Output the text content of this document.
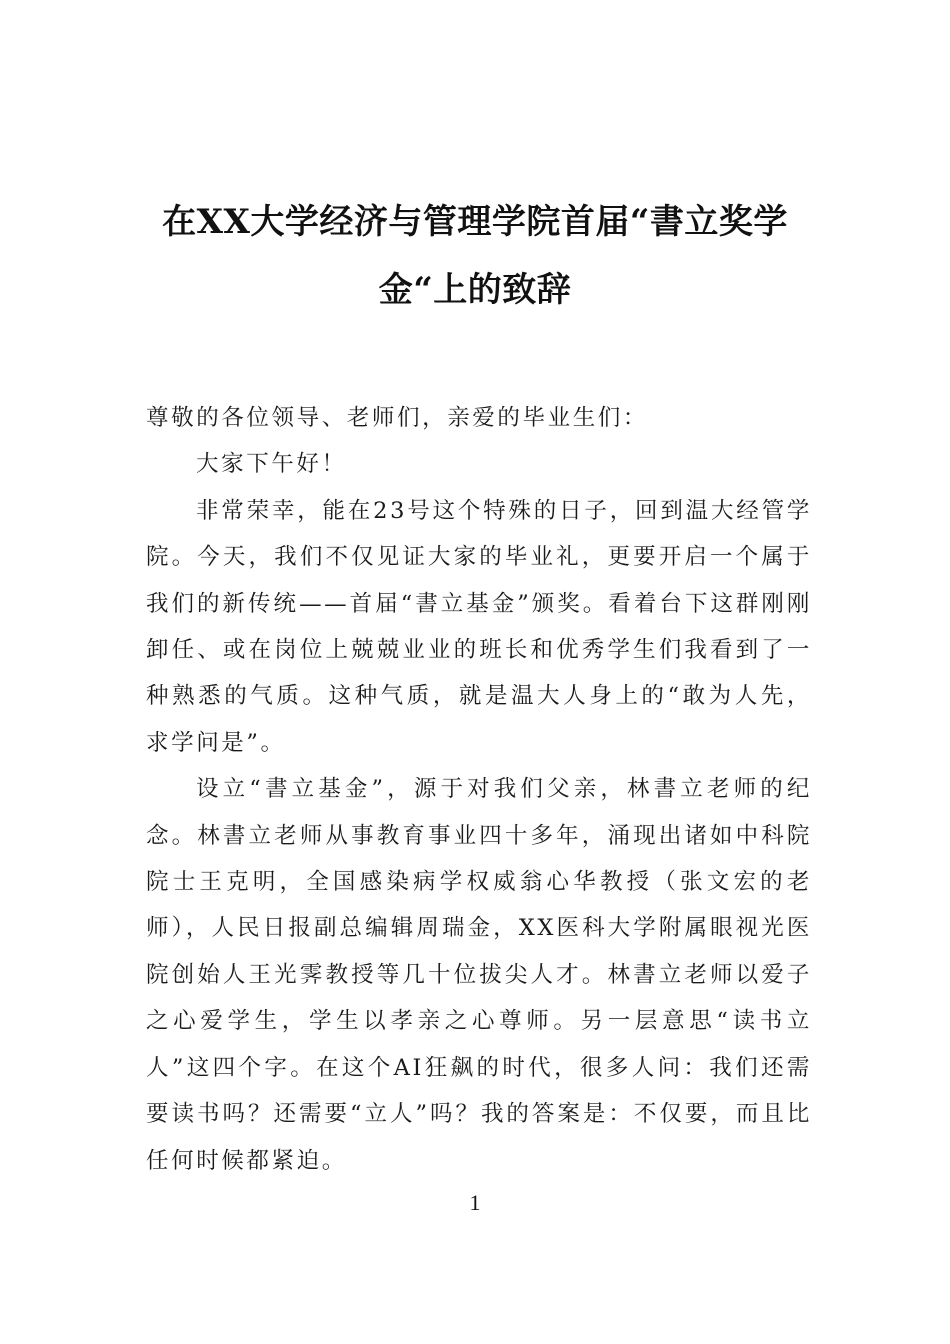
在XX大学经济与管理学院首届“書立奖学
金“上的致辞

尊敬的各位领导、老师们，亲爱的毕业生们：

大家下午好！

非常荣幸，能在23号这个特殊的日子，回到温大经管学院。今天，我们不仅见证大家的毕业礼，更要开启一个属于我们的新传统——首届“書立基金”颁奖。看着台下这群刚刚卸任、或在岗位上兢兢业业的班长和优秀学生们我看到了一种熟悉的气质。这种气质，就是温大人身上的“敢为人先，求学问是”。

设立“書立基金”，源于对我们父亲，林書立老师的纪念。林書立老师从事教育事业四十多年，涌现出诸如中科院院士王克明，全国感染病学权威翁心华教授（张文宏的老师），人民日报副总编辑周瑞金，XX医科大学附属眼视光医院创始人王光霁教授等几十位拔尖人才。林書立老师以爱子之心爱学生，学生以孝亲之心尊师。另一层意思“读书立人”这四个字。在这个AI狂飙的时代，很多人问：我们还需要读书吗？还需要“立人”吗？我的答案是：不仅要，而且比任何时候都紧迫。

1
